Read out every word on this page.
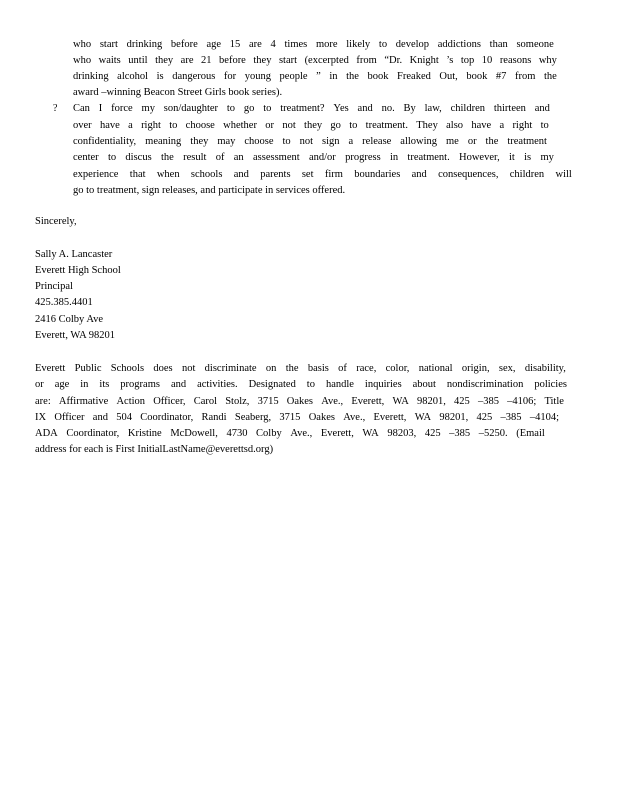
who start drinking before age 15 are 4 times more likely to develop addictions than someone
who waits until they are 21 before they start (excerpted from “Dr. Knight ’s top 10 reasons why
drinking alcohol is dangerous for young people ” in the book Freaked Out, book #7 from the
award –winning Beacon Street Girls book series).
? Can I force my son/daughter to go to treatment? Yes and no. By law, children thirteen and
over have a right to choose whether or not they go to treatment. They also have a right to
confidentiality, meaning they may choose to not sign a release allowing me or the treatment
center to discus the result of an assessment and/or progress in treatment. However, it is my
experience that when schools and parents set firm boundaries and consequences, children will
go to treatment, sign releases, and participate in services offered.
Sincerely,
Sally A. Lancaster
Everett High School
Principal
425.385.4401
2416 Colby Ave
Everett, WA 98201
Everett Public Schools does not discriminate on the basis of race, color, national origin, sex, disability,
or age in its programs and activities. Designated to handle inquiries about nondiscrimination policies
are: Affirmative Action Officer, Carol Stolz, 3715 Oakes Ave., Everett, WA 98201, 425 –385 –4106; Title
IX Officer and 504 Coordinator, Randi Seaberg, 3715 Oakes Ave., Everett, WA 98201, 425 –385 –4104;
ADA Coordinator, Kristine McDowell, 4730 Colby Ave., Everett, WA 98203, 425 –385 –5250. (Email
address for each is First InitialLastName@everettsd.org)
